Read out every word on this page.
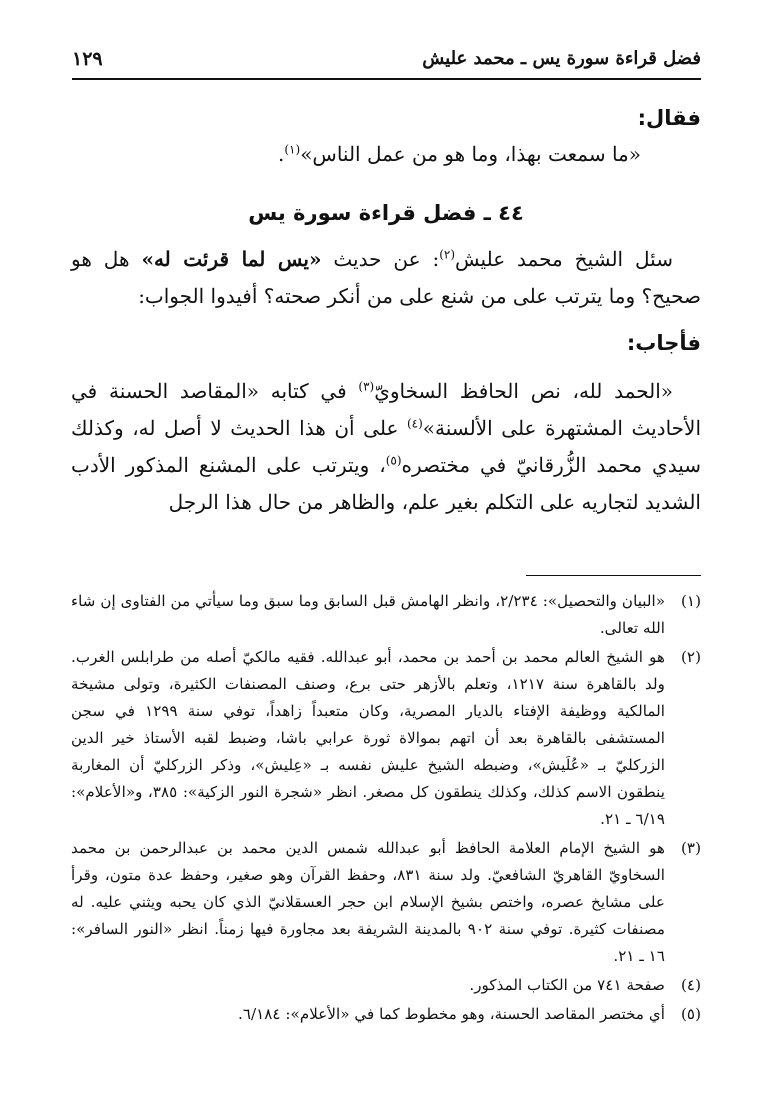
فضل قراءة سورة يس ـ محمد عليش
١٢٩

فقال:

«ما سمعت بهذا، وما هو من عمل الناس»$^{(١)}$.

٤٤ ـ فضل قراءة سورة يس

سئل الشيخ محمد عليش$^{(٢)}$: عن حديث «يس لما قرئت له» هل هو صحيح؟ وما يترتب على من شنع على من أنكر صحته؟ أفيدوا الجواب:

فأجاب:

«الحمد لله، نص الحافظ السخاويّ$^{(٣)}$ في كتابه «المقاصد الحسنة في الأحاديث المشتهرة على الألسنة»$^{(٤)}$ على أن هذا الحديث لا أصل له، وكذلك سيدي محمد الزُّرقانيّ في مختصره$^{(٥)}$، ويترتب على المشنع المذكور الأدب الشديد لتجاريه على التكلم بغير علم، والظاهر من حال هذا الرجل

(١)
«البيان والتحصيل»: ٢/٢٣٤، وانظر الهامش قبل السابق وما سبق وما سيأتي من الفتاوى إن شاء الله تعالى.

(٢)
هو الشيخ العالم محمد بن أحمد بن محمد، أبو عبدالله. فقيه مالكيّ أصله من طرابلس الغرب. ولد بالقاهرة سنة ١٢١٧، وتعلم بالأزهر حتى برع، وصنف المصنفات الكثيرة، وتولى مشيخة المالكية ووظيفة الإفتاء بالديار المصرية، وكان متعبداً زاهداً، توفي سنة ١٢٩٩ في سجن المستشفى بالقاهرة بعد أن اتهم بموالاة ثورة عرابي باشا، وضبط لقبه الأستاذ خير الدين الزركليّ بـ «عُلَيش»، وضبطه الشيخ عليش نفسه بـ «عِليش»، وذكر الزركليّ أن المغاربة ينطقون الاسم كذلك، وكذلك ينطقون كل مصغر. انظر «شجرة النور الزكية»: ٣٨٥، و«الأعلام»: ٦/١٩ ـ ٢١.

(٣)
هو الشيخ الإمام العلامة الحافظ أبو عبدالله شمس الدين محمد بن عبدالرحمن بن محمد السخاويّ القاهريّ الشافعيّ. ولد سنة ٨٣١، وحفظ القرآن وهو صغير، وحفظ عدة متون، وقرأ على مشايخ عصره، واختص بشيخ الإسلام ابن حجر العسقلانيّ الذي كان يحبه ويثني عليه. له مصنفات كثيرة. توفي سنة ٩٠٢ بالمدينة الشريفة بعد مجاورة فيها زمناً. انظر «النور السافر»: ١٦ ـ ٢١.

(٤)
صفحة ٧٤١ من الكتاب المذكور.

(٥)
أي مختصر المقاصد الحسنة، وهو مخطوط كما في «الأعلام»: ٦/١٨٤.
